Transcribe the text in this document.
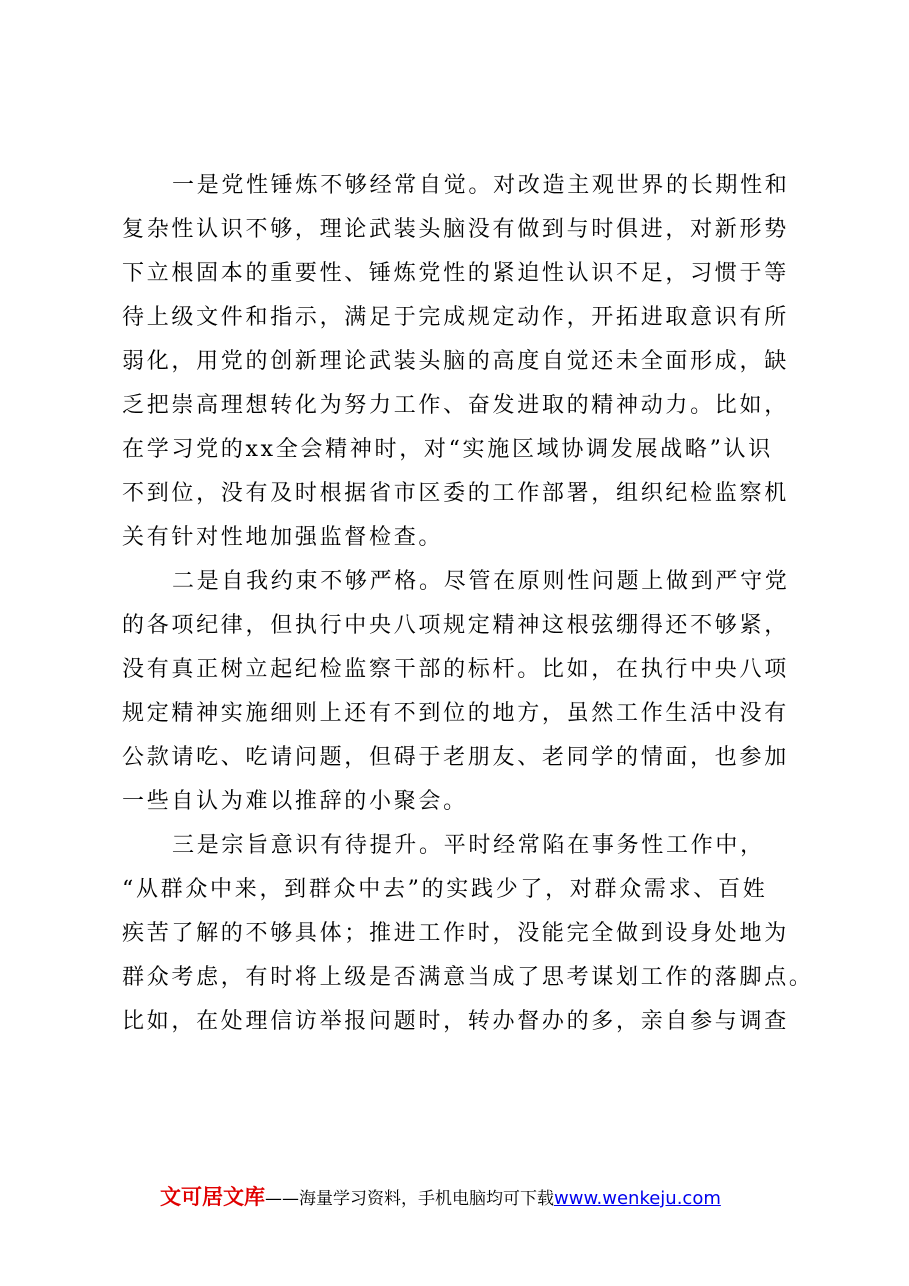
一是党性锤炼不够经常自觉。对改造主观世界的长期性和

复杂性认识不够，理论武装头脑没有做到与时俱进，对新形势

下立根固本的重要性、锤炼党性的紧迫性认识不足，习惯于等

待上级文件和指示，满足于完成规定动作，开拓进取意识有所

弱化，用党的创新理论武装头脑的高度自觉还未全面形成，缺

乏把崇高理想转化为努力工作、奋发进取的精神动力。比如，

在学习党的xx全会精神时，对“实施区域协调发展战略”认识

不到位，没有及时根据省市区委的工作部署，组织纪检监察机

关有针对性地加强监督检查。

二是自我约束不够严格。尽管在原则性问题上做到严守党

的各项纪律，但执行中央八项规定精神这根弦绷得还不够紧，

没有真正树立起纪检监察干部的标杆。比如，在执行中央八项

规定精神实施细则上还有不到位的地方，虽然工作生活中没有

公款请吃、吃请问题，但碍于老朋友、老同学的情面，也参加

一些自认为难以推辞的小聚会。

三是宗旨意识有待提升。平时经常陷在事务性工作中，

“从群众中来，到群众中去”的实践少了，对群众需求、百姓

疾苦了解的不够具体；推进工作时，没能完全做到设身处地为

群众考虑，有时将上级是否满意当成了思考谋划工作的落脚点。

比如，在处理信访举报问题时，转办督办的多，亲自参与调查

文可居文库——海量学习资料，手机电脑均可下载www.wenkeju.com
